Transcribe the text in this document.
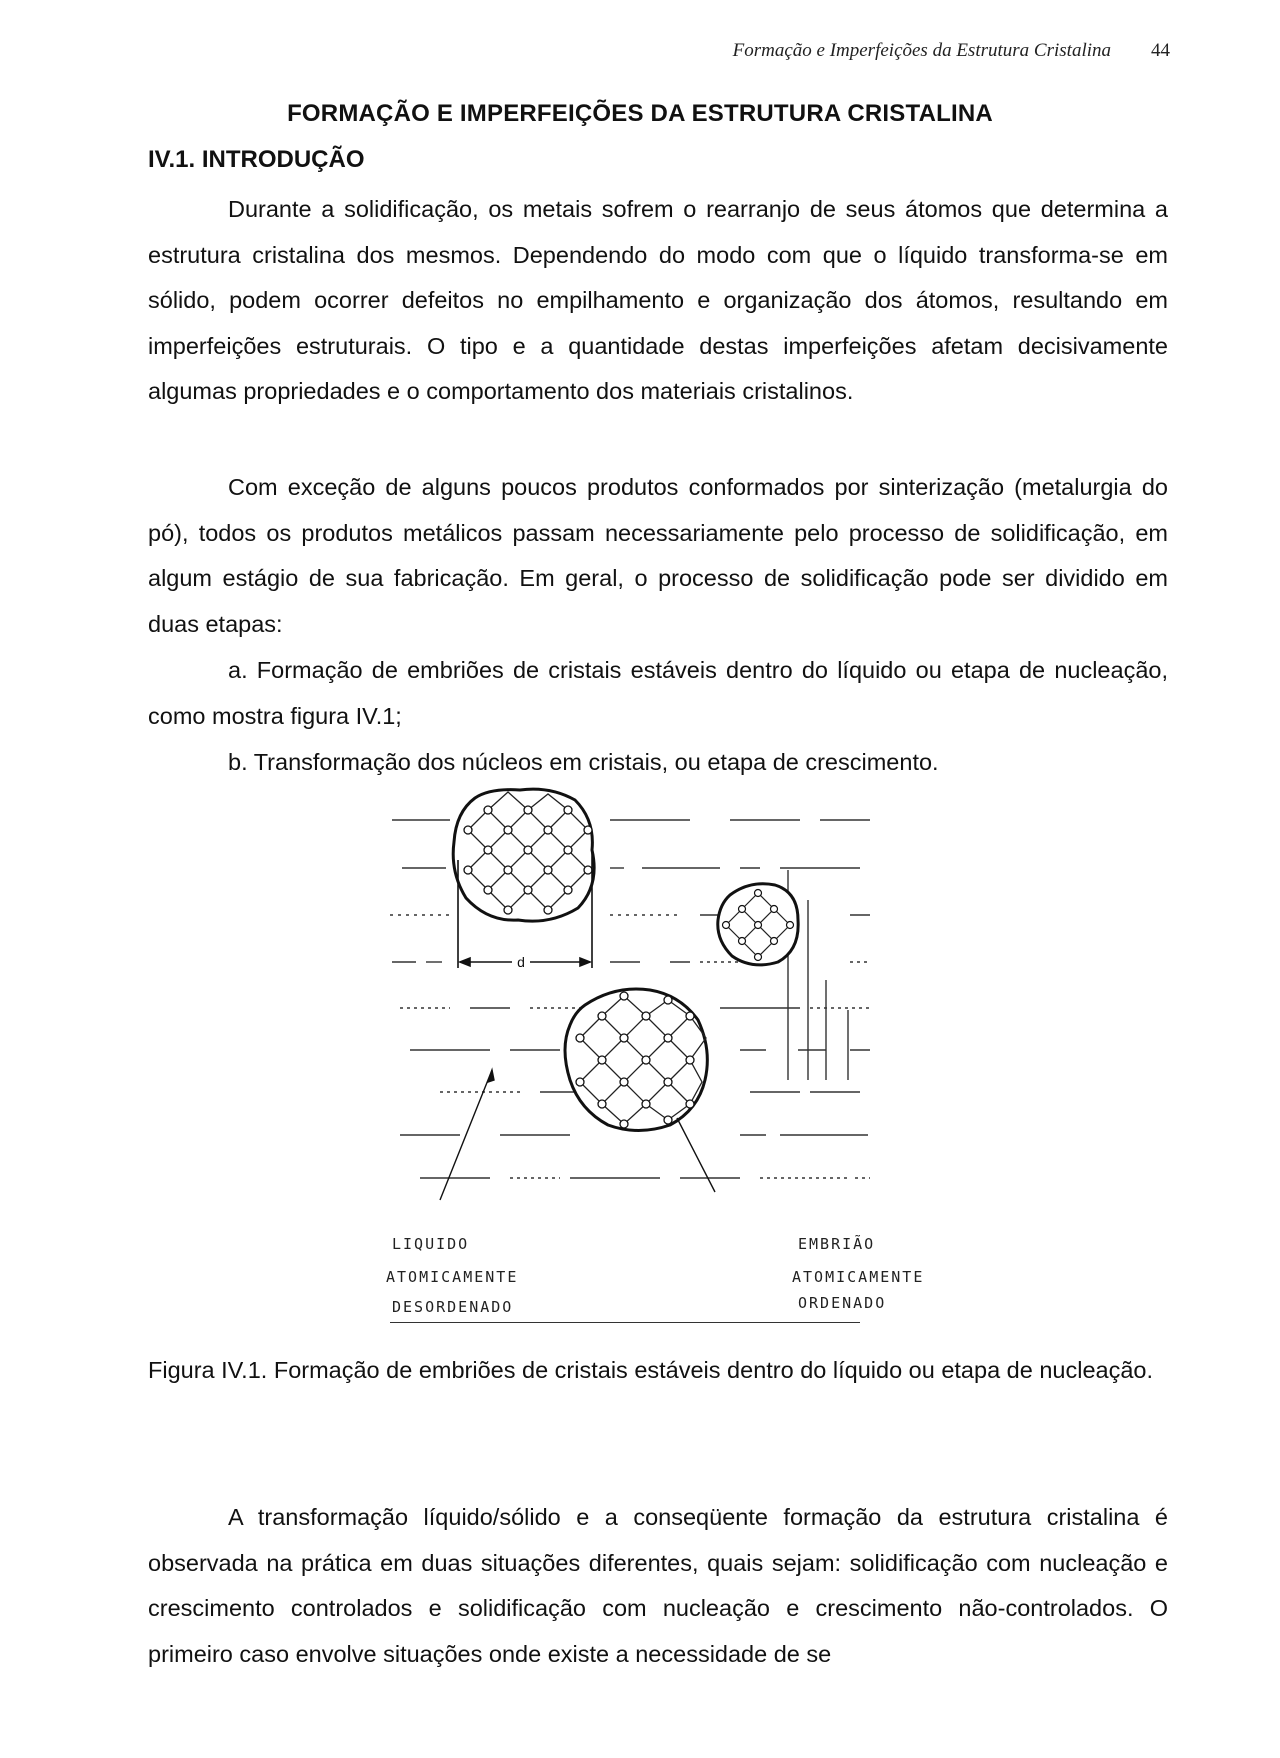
Formação e Imperfeições da Estrutura Cristalina 44
FORMAÇÃO E IMPERFEIÇÕES DA ESTRUTURA CRISTALINA
IV.1. INTRODUÇÃO

Durante a solidificação, os metais sofrem o rearranjo de seus átomos que determina a estrutura cristalina dos mesmos. Dependendo do modo com que o líquido transforma-se em sólido, podem ocorrer defeitos no empilhamento e organização dos átomos, resultando em imperfeições estruturais. O tipo e a quantidade destas imperfeições afetam decisivamente algumas propriedades e o comportamento dos materiais cristalinos.

Com exceção de alguns poucos produtos conformados por sinterização (metalurgia do pó), todos os produtos metálicos passam necessariamente pelo processo de solidificação, em algum estágio de sua fabricação. Em geral, o processo de solidificação pode ser dividido em duas etapas:

a. Formação de embriões de cristais estáveis dentro do líquido ou etapa de nucleação, como mostra figura IV.1;

b. Transformação dos núcleos em cristais, ou etapa de crescimento.

d
LIQUIDO
ATOMICAMENTE
DESORDENADO
ATOMICAMENTE
EMBRIÃO
ORDENADO

Figura IV.1. Formação de embriões de cristais estáveis dentro do líquido ou etapa de nucleação.

A transformação líquido/sólido e a conseqüente formação da estrutura cristalina é observada na prática em duas situações diferentes, quais sejam: solidificação com nucleação e crescimento controlados e solidificação com nucleação e crescimento não-controlados. O primeiro caso envolve situações onde existe a necessidade de se
